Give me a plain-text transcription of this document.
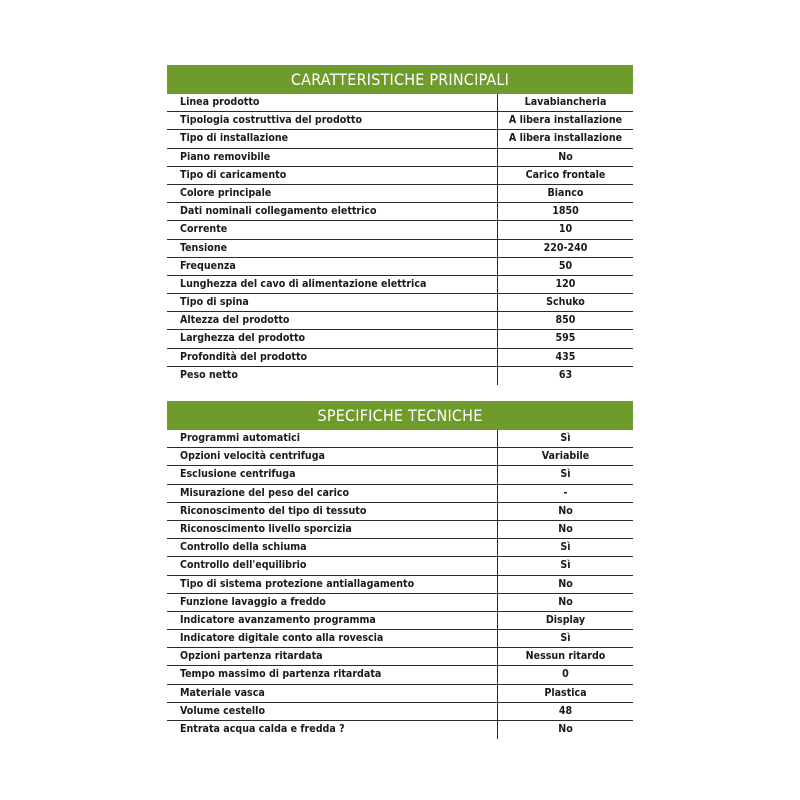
CARATTERISTICHE PRINCIPALI
Linea prodotto	Lavabiancheria
Tipologia costruttiva del prodotto	A libera installazione
Tipo di installazione	A libera installazione
Piano removibile	No
Tipo di caricamento	Carico frontale
Colore principale	Bianco
Dati nominali collegamento elettrico	1850
Corrente	10
Tensione	220-240
Frequenza	50
Lunghezza del cavo di alimentazione elettrica	120
Tipo di spina	Schuko
Altezza del prodotto	850
Larghezza del prodotto	595
Profondità del prodotto	435
Peso netto	63
SPECIFICHE TECNICHE
Programmi automatici	Sì
Opzioni velocità centrifuga	Variabile
Esclusione centrifuga	Sì
Misurazione del peso del carico	-
Riconoscimento del tipo di tessuto	No
Riconoscimento livello sporcizia	No
Controllo della schiuma	Sì
Controllo dell'equilibrio	Sì
Tipo di sistema protezione antiallagamento	No
Funzione lavaggio a freddo	No
Indicatore avanzamento programma	Display
Indicatore digitale conto alla rovescia	Sì
Opzioni partenza ritardata	Nessun ritardo
Tempo massimo di partenza ritardata	0
Materiale vasca	Plastica
Volume cestello	48
Entrata acqua calda e fredda ?	No
